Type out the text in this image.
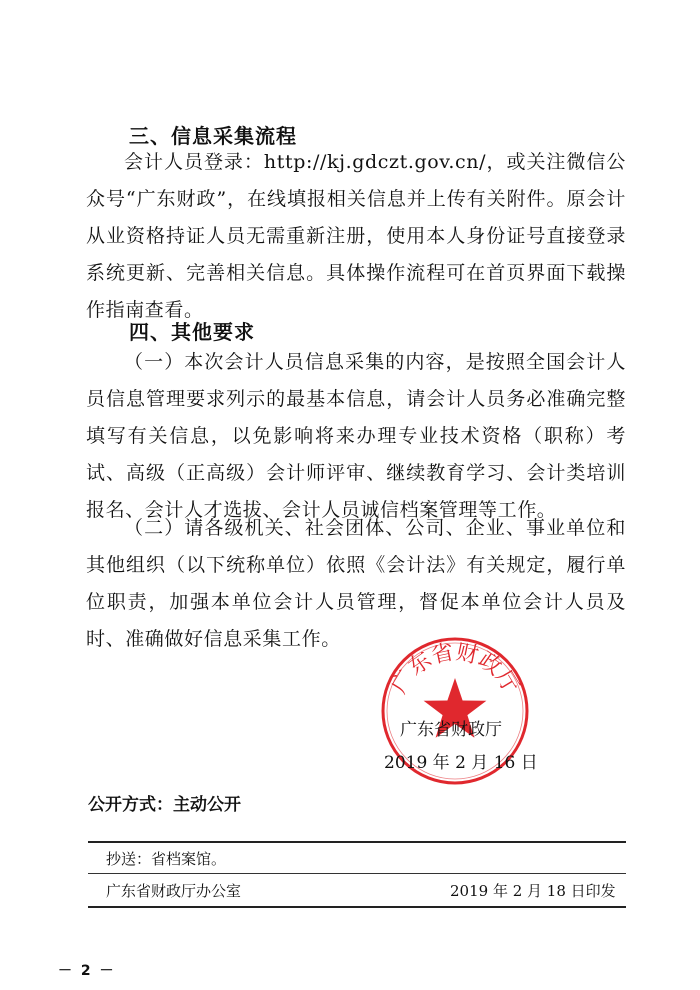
三、信息采集流程
会计人员登录：http://kj.gdczt.gov.cn/，或关注微信公众号“广东财政”，在线填报相关信息并上传有关附件。原会计从业资格持证人员无需重新注册，使用本人身份证号直接登录系统更新、完善相关信息。具体操作流程可在首页界面下载操作指南查看。
四、其他要求
（一）本次会计人员信息采集的内容，是按照全国会计人员信息管理要求列示的最基本信息，请会计人员务必准确完整填写有关信息，以免影响将来办理专业技术资格（职称）考试、高级（正高级）会计师评审、继续教育学习、会计类培训报名、会计人才选拔、会计人员诚信档案管理等工作。
（二）请各级机关、社会团体、公司、企业、事业单位和其他组织（以下统称单位）依照《会计法》有关规定，履行单位职责，加强本单位会计人员管理，督促本单位会计人员及时、准确做好信息采集工作。
广东省财政厅
广东省财政厅
2019 年 2 月 16 日
公开方式：主动公开
抄送：省档案馆。
广东省财政厅办公室	2019 年 2 月 18 日印发
－ 2 －
